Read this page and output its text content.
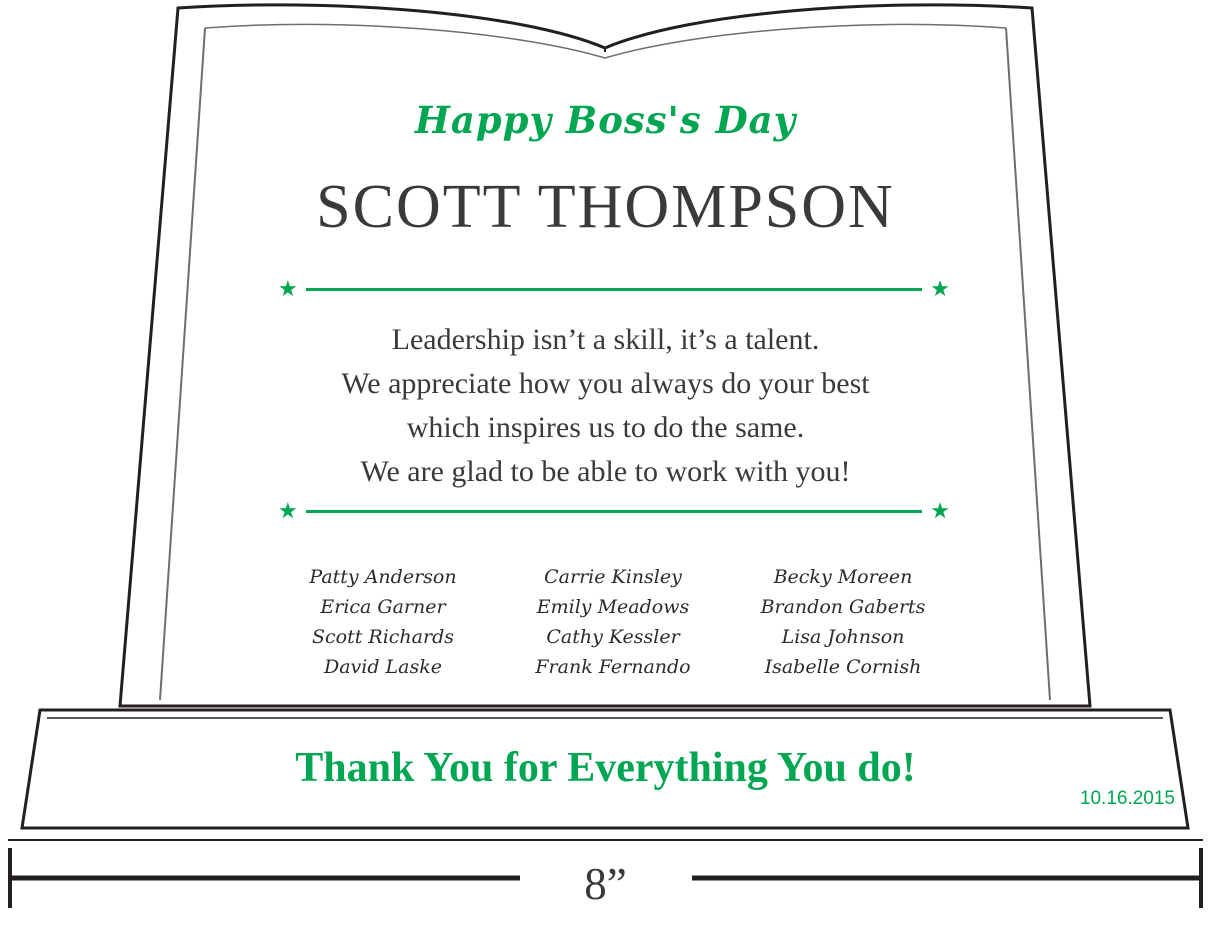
Happy Boss's Day
SCOTT THOMPSON
★	★
Leadership isn’t a skill, it’s a talent.
We appreciate how you always do your best
which inspires us to do the same.
We are glad to be able to work with you!
★	★
Patty Anderson
Erica Garner
Scott Richards
David Laske
Carrie Kinsley
Emily Meadows
Cathy Kessler
Frank Fernando
Becky Moreen
Brandon Gaberts
Lisa Johnson
Isabelle Cornish
Thank You for Everything You do!
10.16.2015
8”
